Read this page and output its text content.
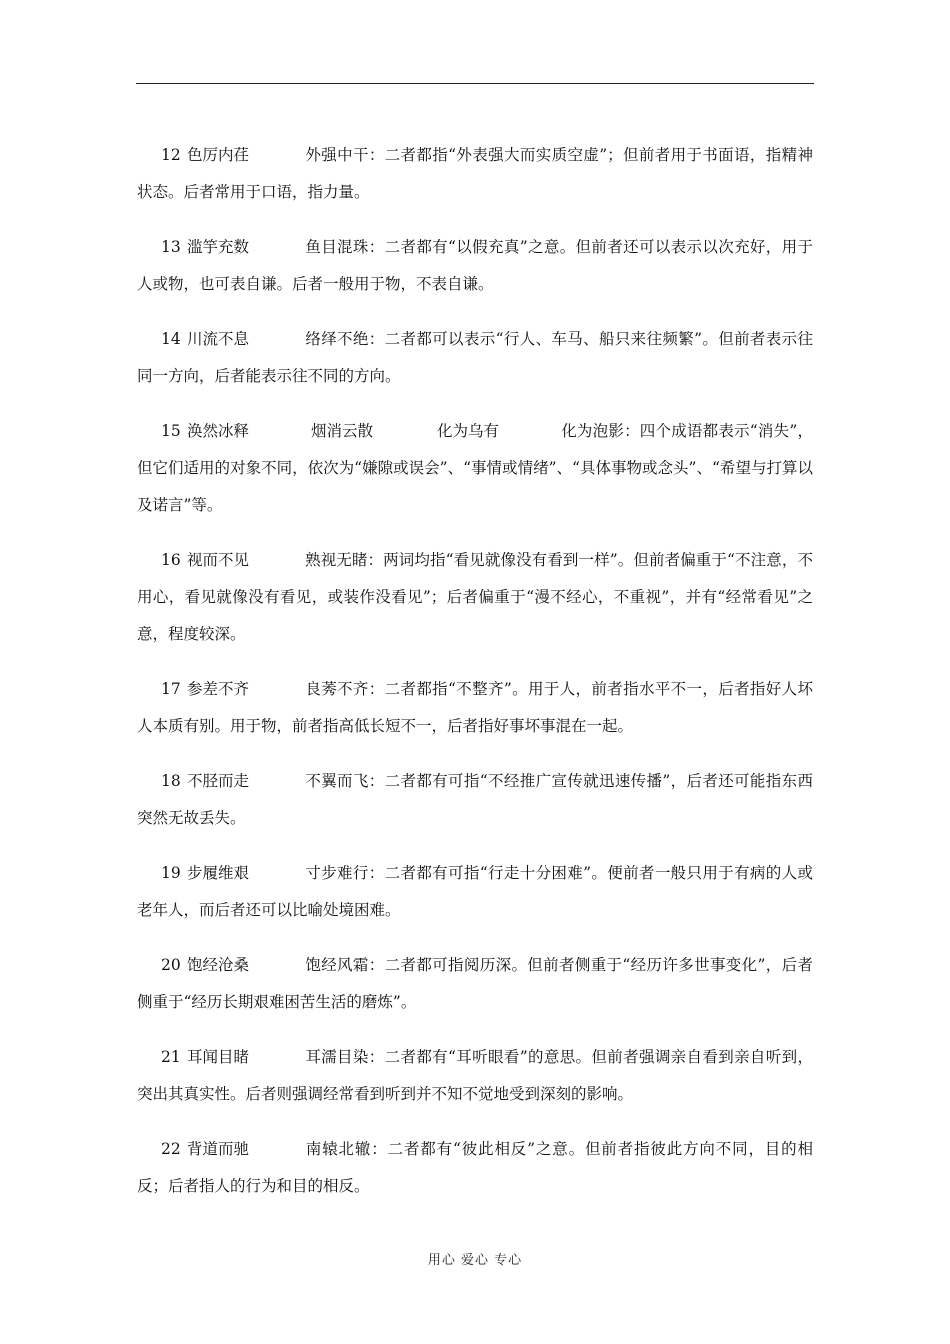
12 色厉内荏	外强中干：二者都指“外表强大而实质空虚”；但前者用于书面语，指精神状态。后者常用于口语，指力量。

13 滥竽充数	鱼目混珠：二者都有“以假充真”之意。但前者还可以表示以次充好，用于人或物，也可表自谦。后者一般用于物，不表自谦。

14 川流不息	络绎不绝：二者都可以表示“行人、车马、船只来往频繁”。但前者表示往同一方向，后者能表示往不同的方向。

15 涣然冰释	烟消云散	化为乌有	化为泡影：四个成语都表示“消失”，但它们适用的对象不同，依次为“嫌隙或误会”、“事情或情绪”、“具体事物或念头”、“希望与打算以及诺言”等。

16 视而不见	熟视无睹：两词均指“看见就像没有看到一样”。但前者偏重于“不注意，不用心，看见就像没有看见，或装作没看见”；后者偏重于“漫不经心，不重视”，并有“经常看见”之意，程度较深。

17 参差不齐	良莠不齐：二者都指“不整齐”。用于人，前者指水平不一，后者指好人坏人本质有别。用于物，前者指高低长短不一，后者指好事坏事混在一起。

18 不胫而走	不翼而飞：二者都有可指“不经推广宣传就迅速传播”，后者还可能指东西突然无故丢失。

19 步履维艰	寸步难行：二者都有可指“行走十分困难”。便前者一般只用于有病的人或老年人，而后者还可以比喻处境困难。

20 饱经沧桑	饱经风霜：二者都可指阅历深。但前者侧重于“经历许多世事变化”，后者侧重于“经历长期艰难困苦生活的磨炼”。

21 耳闻目睹	耳濡目染：二者都有“耳听眼看”的意思。但前者强调亲自看到亲自听到，突出其真实性。后者则强调经常看到听到并不知不觉地受到深刻的影响。

22 背道而驰	南辕北辙：二者都有“彼此相反”之意。但前者指彼此方向不同，目的相反；后者指人的行为和目的相反。

用心 爱心 专心
